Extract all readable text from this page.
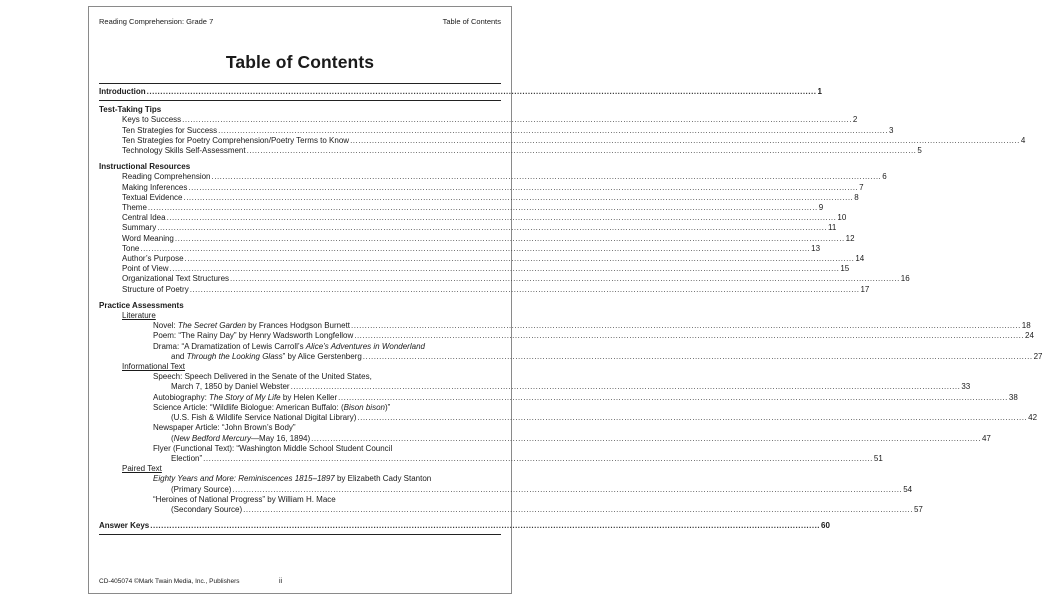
Reading Comprehension: Grade 7	Table of Contents
Table of Contents
Introduction .....	1
Test-Taking Tips
Keys to Success .....	2
Ten Strategies for Success .....	3
Ten Strategies for Poetry Comprehension/Poetry Terms to Know .....	4
Technology Skills Self-Assessment .....	5
Instructional Resources
Reading Comprehension .....	6
Making Inferences .....	7
Textual Evidence .....	8
Theme .....	9
Central Idea .....	10
Summary .....	11
Word Meaning .....	12
Tone .....	13
Author’s Purpose .....	14
Point of View .....	15
Organizational Text Structures .....	16
Structure of Poetry .....	17
Practice Assessments
Literature
Novel: The Secret Garden by Frances Hodgson Burnett .....	18
Poem: “The Rainy Day” by Henry Wadsworth Longfellow .....	24
Drama: “A Dramatization of Lewis Carroll’s Alice’s Adventures in Wonderland
and Through the Looking Glass” by Alice Gerstenberg .....	27
Informational Text
Speech: Speech Delivered in the Senate of the United States,
March 7, 1850 by Daniel Webster .....	33
Autobiography: The Story of My Life by Helen Keller .....	38
Science Article: “Wildlife Biologue: American Buffalo: (Bison bison)”
(U.S. Fish & Wildlife Service National Digital Library) .....	42
Newspaper Article: “John Brown’s Body”
(New Bedford Mercury—May 16, 1894) .....	47
Flyer (Functional Text): “Washington Middle School Student Council
Election” .....	51
Paired Text
Eighty Years and More: Reminiscences 1815–1897 by Elizabeth Cady Stanton
(Primary Source) .....	54
“Heroines of National Progress” by William H. Mace
(Secondary Source) .....	57
Answer Keys .....	60
CD-405074 ©Mark Twain Media, Inc., Publishers	ii
